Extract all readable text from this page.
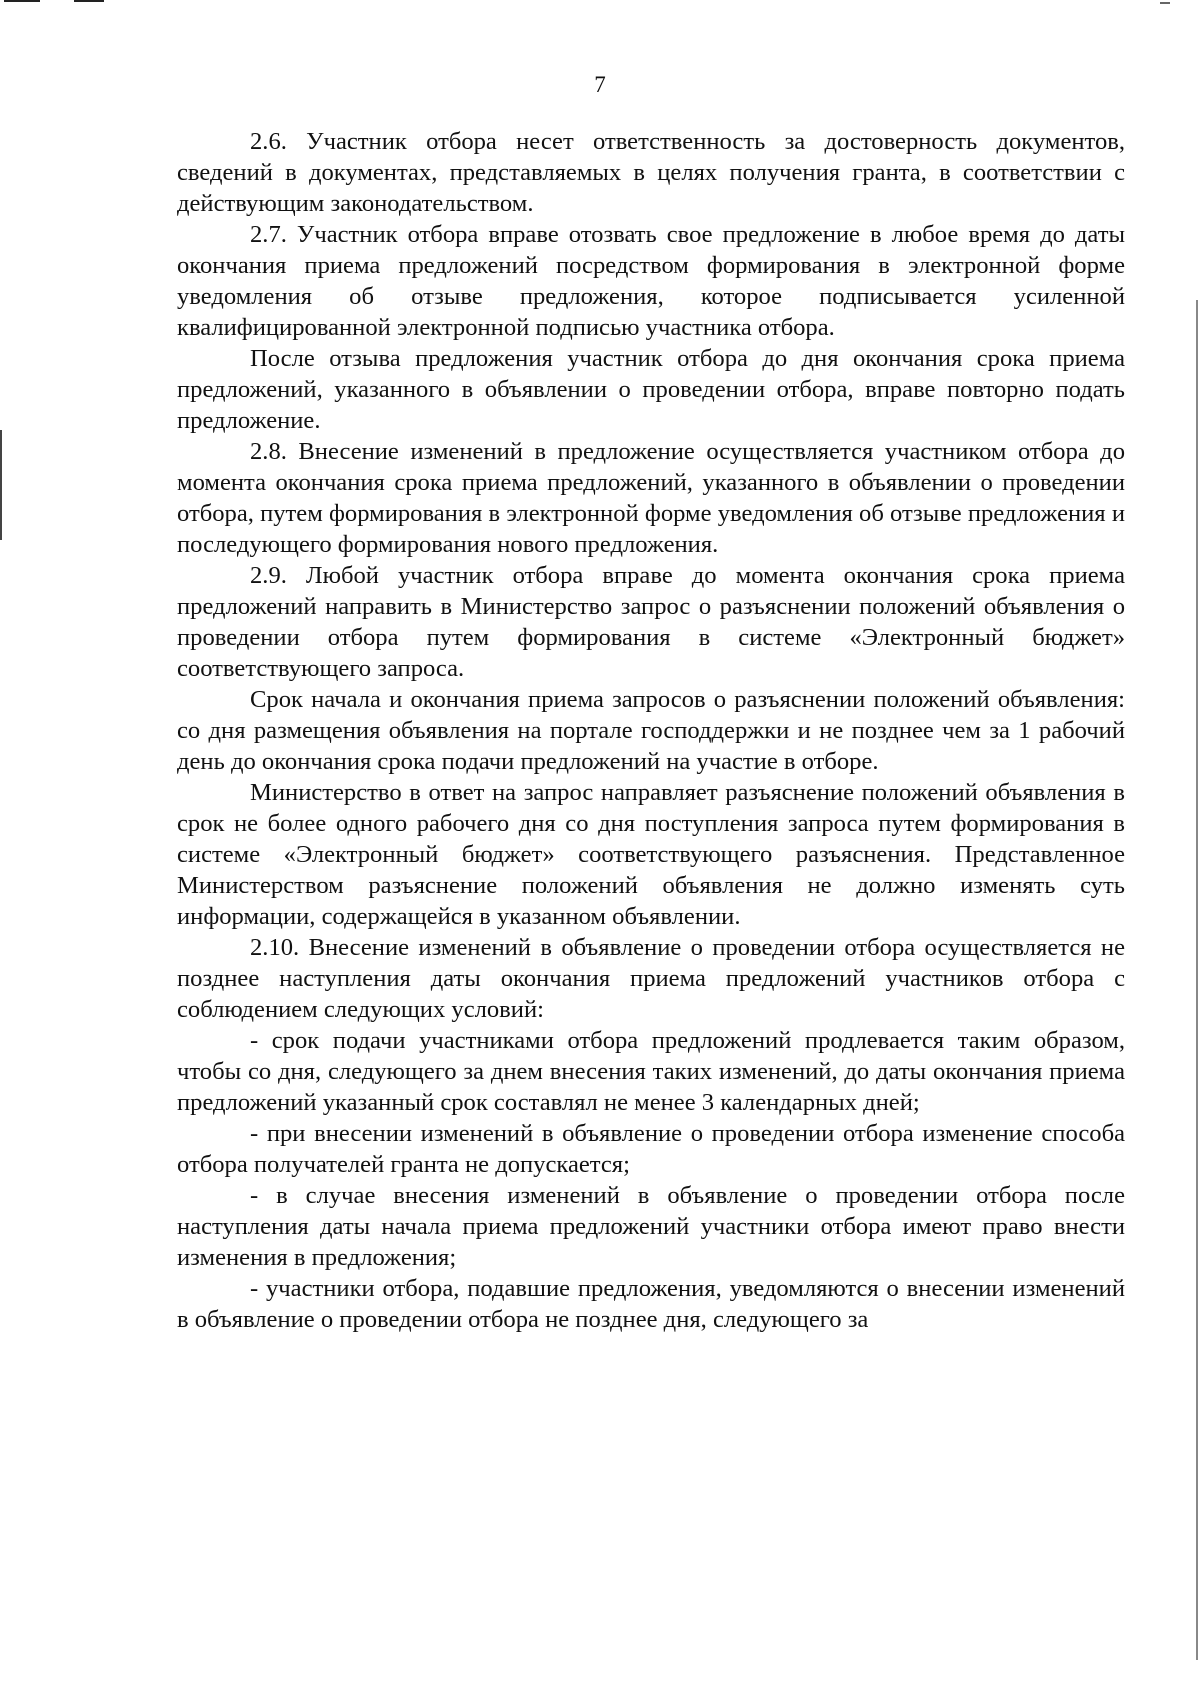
7

2.6. Участник отбора несет ответственность за достоверность документов, сведений в документах, представляемых в целях получения гранта, в соответствии с действующим законодательством.

2.7. Участник отбора вправе отозвать свое предложение в любое время до даты окончания приема предложений посредством формирования в электронной форме уведомления об отзыве предложения, которое подписывается усиленной квалифицированной электронной подписью участника отбора.

После отзыва предложения участник отбора до дня окончания срока приема предложений, указанного в объявлении о проведении отбора, вправе повторно подать предложение.

2.8. Внесение изменений в предложение осуществляется участником отбора до момента окончания срока приема предложений, указанного в объявлении о проведении отбора, путем формирования в электронной форме уведомления об отзыве предложения и последующего формирования нового предложения.

2.9. Любой участник отбора вправе до момента окончания срока приема предложений направить в Министерство запрос о разъяснении положений объявления о проведении отбора путем формирования в системе «Электронный бюджет» соответствующего запроса.

Срок начала и окончания приема запросов о разъяснении положений объявления: со дня размещения объявления на портале господдержки и не позднее чем за 1 рабочий день до окончания срока подачи предложений на участие в отборе.

Министерство в ответ на запрос направляет разъяснение положений объявления в срок не более одного рабочего дня со дня поступления запроса путем формирования в системе «Электронный бюджет» соответствующего разъяснения. Представленное Министерством разъяснение положений объявления не должно изменять суть информации, содержащейся в указанном объявлении.

2.10. Внесение изменений в объявление о проведении отбора осуществляется не позднее наступления даты окончания приема предложений участников отбора с соблюдением следующих условий:

- срок подачи участниками отбора предложений продлевается таким образом, чтобы со дня, следующего за днем внесения таких изменений, до даты окончания приема предложений указанный срок составлял не менее 3 календарных дней;

- при внесении изменений в объявление о проведении отбора изменение способа отбора получателей гранта не допускается;

- в случае внесения изменений в объявление о проведении отбора после наступления даты начала приема предложений участники отбора имеют право внести изменения в предложения;

- участники отбора, подавшие предложения, уведомляются о внесении изменений в объявление о проведении отбора не позднее дня, следующего за
